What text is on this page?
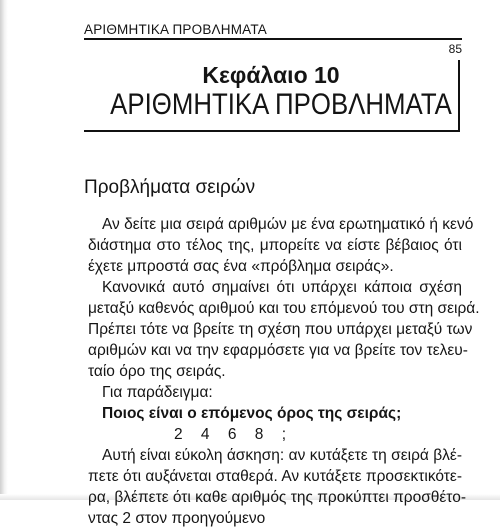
ΑΡΙΘΜΗΤΙΚΑ ΠΡΟΒΛΗΜΑΤΑ
85
Κεφάλαιο 10
ΑΡΙΘΜΗΤΙΚΑ ΠΡΟΒΛΗΜΑΤΑ
Προβλήματα σειρών
Αν δείτε μια σειρά αριθμών με ένα ερωτηματικό ή κενό
διάστημα στο τέλος της, μπορείτε να είστε βέβαιος ότι
έχετε μπροστά σας ένα «πρόβλημα σειράς».
Κανονικά αυτό σημαίνει ότι υπάρχει κάποια σχέση
μεταξύ καθενός αριθμού και του επόμενού του στη σειρά.
Πρέπει τότε να βρείτε τη σχέση που υπάρχει μεταξύ των
αριθμών και να την εφαρμόσετε για να βρείτε τον τελευ-
ταίο όρο της σειράς.
Για παράδειγμα:
Ποιος είναι ο επόμενος όρος της σειράς;
2 4 6 8 ;
Αυτή είναι εύκολη άσκηση: αν κυτάξετε τη σειρά βλέ-
πετε ότι αυξάνεται σταθερά. Αν κυτάξετε προσεκτικότε-
ρα, βλέπετε ότι καθε αριθμός της προκύπτει προσθέτο-
ντας 2 στον προηγούμενο
